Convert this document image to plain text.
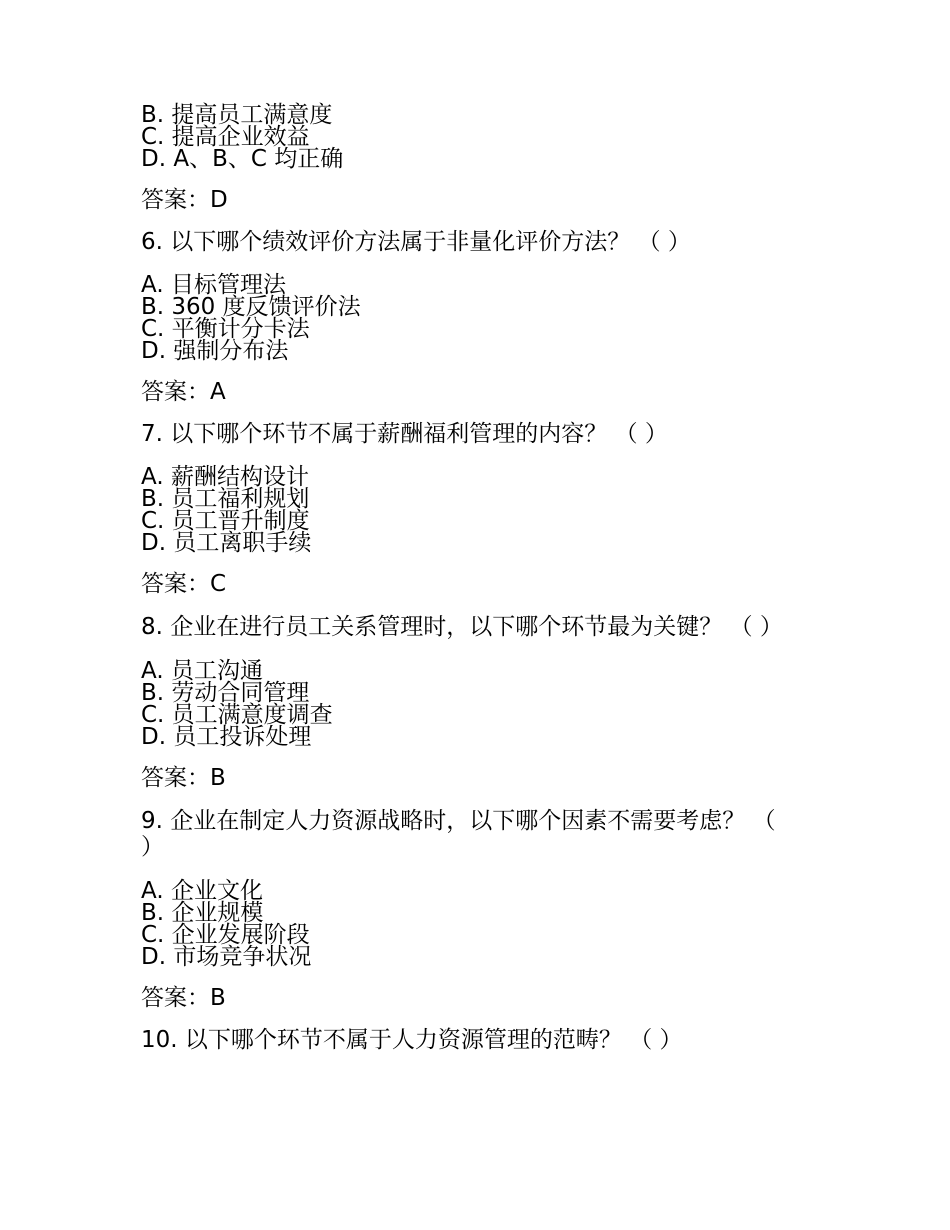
B. 提高员工满意度

C. 提高企业效益

D. A、B、C 均正确

答案：D

6. 以下哪个绩效评价方法属于非量化评价方法？ （ ）

A. 目标管理法

B. 360 度反馈评价法

C. 平衡计分卡法

D. 强制分布法

答案：A

7. 以下哪个环节不属于薪酬福利管理的内容？ （ ）

A. 薪酬结构设计

B. 员工福利规划

C. 员工晋升制度

D. 员工离职手续

答案：C

8. 企业在进行员工关系管理时，以下哪个环节最为关键？ （ ）

A. 员工沟通

B. 劳动合同管理

C. 员工满意度调查

D. 员工投诉处理

答案：B

9. 企业在制定人力资源战略时，以下哪个因素不需要考虑？ （ ）

A. 企业文化

B. 企业规模

C. 企业发展阶段

D. 市场竞争状况

答案：B

10. 以下哪个环节不属于人力资源管理的范畴？ （ ）
